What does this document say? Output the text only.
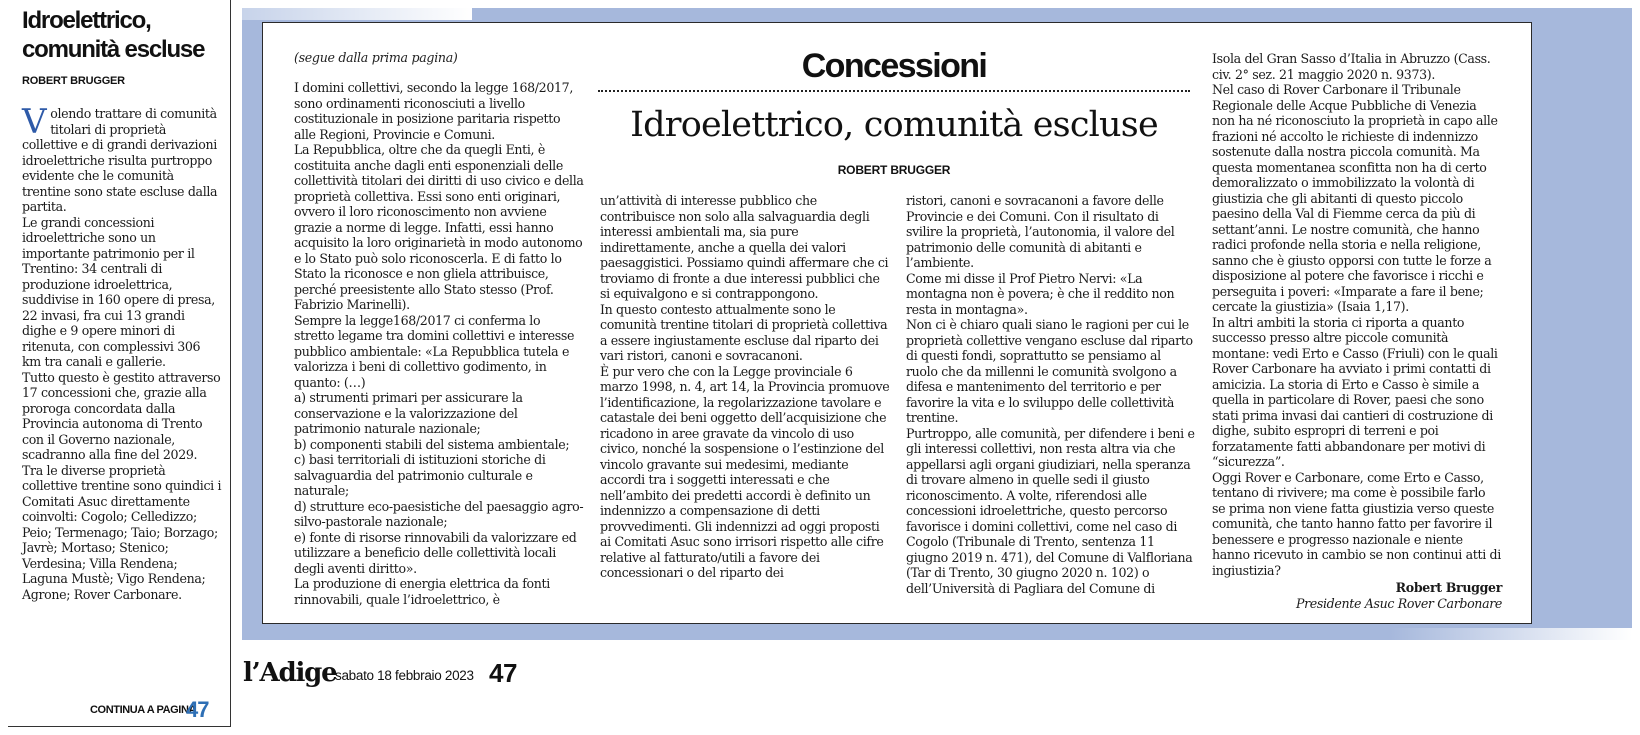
Idroelettrico, comunità escluse
ROBERT BRUGGER
V olendo trattare di comunità titolari di proprietà collettive e di grandi derivazioni idroelettriche risulta purtroppo evidente che le comunità trentine sono state escluse dalla partita.

Le grandi concessioni idroelettriche sono un importante patrimonio per il Trentino: 34 centrali di produzione idroelettrica, suddivise in 160 opere di presa, 22 invasi, fra cui 13 grandi dighe e 9 opere minori di ritenuta, con complessivi 306 km tra canali e gallerie.

Tutto questo è gestito attraverso 17 concessioni che, grazie alla proroga concordata dalla Provincia autonoma di Trento con il Governo nazionale, scadranno alla fine del 2029.

Tra le diverse proprietà collettive trentine sono quindici i Comitati Asuc direttamente coinvolti: Cogolo; Celledizzo; Peio; Termenago; Taio; Borzago; Javrè; Mortaso; Stenico; Verdesina; Villa Rendena; Laguna Mustè; Vigo Rendena; Agrone; Rover Carbonare.

CONTINUA A PAGINA
47
(segue dalla prima pagina)	Concessioni
Idroelettrico, comunità escluse
ROBERT BRUGGER

I domini collettivi, secondo la legge 168/2017, sono ordinamenti riconosciuti a livello costituzionale in posizione paritaria rispetto alle Regioni, Provincie e Comuni.

La Repubblica, oltre che da quegli Enti, è costituita anche dagli enti esponenziali delle collettività titolari dei diritti di uso civico e della proprietà collettiva. Essi sono enti originari, ovvero il loro riconoscimento non avviene grazie a norme di legge. Infatti, essi hanno acquisito la loro originarietà in modo autonomo e lo Stato può solo riconoscerla. E di fatto lo Stato la riconosce e non gliela attribuisce, perché preesistente allo Stato stesso (Prof. Fabrizio Marinelli).

Sempre la legge168/2017 ci conferma lo stretto legame tra domini collettivi e interesse pubblico ambientale: «La Repubblica tutela e valorizza i beni di collettivo godimento, in quanto: (…)

a) strumenti primari per assicurare la conservazione e la valorizzazione del patrimonio naturale nazionale;

b) componenti stabili del sistema ambientale;

c) basi territoriali di istituzioni storiche di salvaguardia del patrimonio culturale e naturale;

d) strutture eco-paesistiche del paesaggio agro-silvo-pastorale nazionale;

e) fonte di risorse rinnovabili da valorizzare ed utilizzare a beneficio delle collettività locali degli aventi diritto».

La produzione di energia elettrica da fonti rinnovabili, quale l’idroelettrico, è

un’attività di interesse pubblico che contribuisce non solo alla salvaguardia degli interessi ambientali ma, sia pure indirettamente, anche a quella dei valori paesaggistici. Possiamo quindi affermare che ci troviamo di fronte a due interessi pubblici che si equivalgono e si contrappongono.

In questo contesto attualmente sono le comunità trentine titolari di proprietà collettiva a essere ingiustamente escluse dal riparto dei vari ristori, canoni e sovracanoni.

È pur vero che con la Legge provinciale 6 marzo 1998, n. 4, art 14, la Provincia promuove l’identificazione, la regolarizzazione tavolare e catastale dei beni oggetto dell’acquisizione che ricadono in aree gravate da vincolo di uso civico, nonché la sospensione o l’estinzione del vincolo gravante sui medesimi, mediante accordi tra i soggetti interessati e che nell’ambito dei predetti accordi è definito un indennizzo a compensazione di detti provvedimenti. Gli indennizzi ad oggi proposti ai Comitati Asuc sono irrisori rispetto alle cifre relative al fatturato/utili a favore dei concessionari o del riparto dei

ristori, canoni e sovracanoni a favore delle Provincie e dei Comuni. Con il risultato di svilire la proprietà, l’autonomia, il valore del patrimonio delle comunità di abitanti e l’ambiente.

Come mi disse il Prof Pietro Nervi: «La montagna non è povera; è che il reddito non resta in montagna».

Non ci è chiaro quali siano le ragioni per cui le proprietà collettive vengano escluse dal riparto di questi fondi, soprattutto se pensiamo al ruolo che da millenni le comunità svolgono a difesa e mantenimento del territorio e per favorire la vita e lo sviluppo delle collettività trentine.

Purtroppo, alle comunità, per difendere i beni e gli interessi collettivi, non resta altra via che appellarsi agli organi giudiziari, nella speranza di trovare almeno in quelle sedi il giusto riconoscimento. A volte, riferendosi alle concessioni idroelettriche, questo percorso favorisce i domini collettivi, come nel caso di Cogolo (Tribunale di Trento, sentenza 11 giugno 2019 n. 471), del Comune di Valfloriana (Tar di Trento, 30 giugno 2020 n. 102) o dell’Università di Pagliara del Comune di

Isola del Gran Sasso d’Italia in Abruzzo (Cass. civ. 2° sez. 21 maggio 2020 n. 9373).

Nel caso di Rover Carbonare il Tribunale Regionale delle Acque Pubbliche di Venezia non ha né riconosciuto la proprietà in capo alle frazioni né accolto le richieste di indennizzo sostenute dalla nostra piccola comunità. Ma questa momentanea sconfitta non ha di certo demoralizzato o immobilizzato la volontà di giustizia che gli abitanti di questo piccolo paesino della Val di Fiemme cerca da più di settant’anni. Le nostre comunità, che hanno radici profonde nella storia e nella religione, sanno che è giusto opporsi con tutte le forze a disposizione al potere che favorisce i ricchi e perseguita i poveri: «Imparate a fare il bene; cercate la giustizia» (Isaia 1,17).

In altri ambiti la storia ci riporta a quanto successo presso altre piccole comunità montane: vedi Erto e Casso (Friuli) con le quali Rover Carbonare ha avviato i primi contatti di amicizia. La storia di Erto e Casso è simile a quella in particolare di Rover, paesi che sono stati prima invasi dai cantieri di costruzione di dighe, subito espropri di terreni e poi forzatamente fatti abbandonare per motivi di “sicurezza”.

Oggi Rover e Carbonare, come Erto e Casso, tentano di rivivere; ma come è possibile farlo se prima non viene fatta giustizia verso queste comunità, che tanto hanno fatto per favorire il benessere e progresso nazionale e niente hanno ricevuto in cambio se non continui atti di ingiustizia?

Robert Brugger

Presidente Asuc Rover Carbonare

l’Adige
sabato 18 febbraio 2023 47
